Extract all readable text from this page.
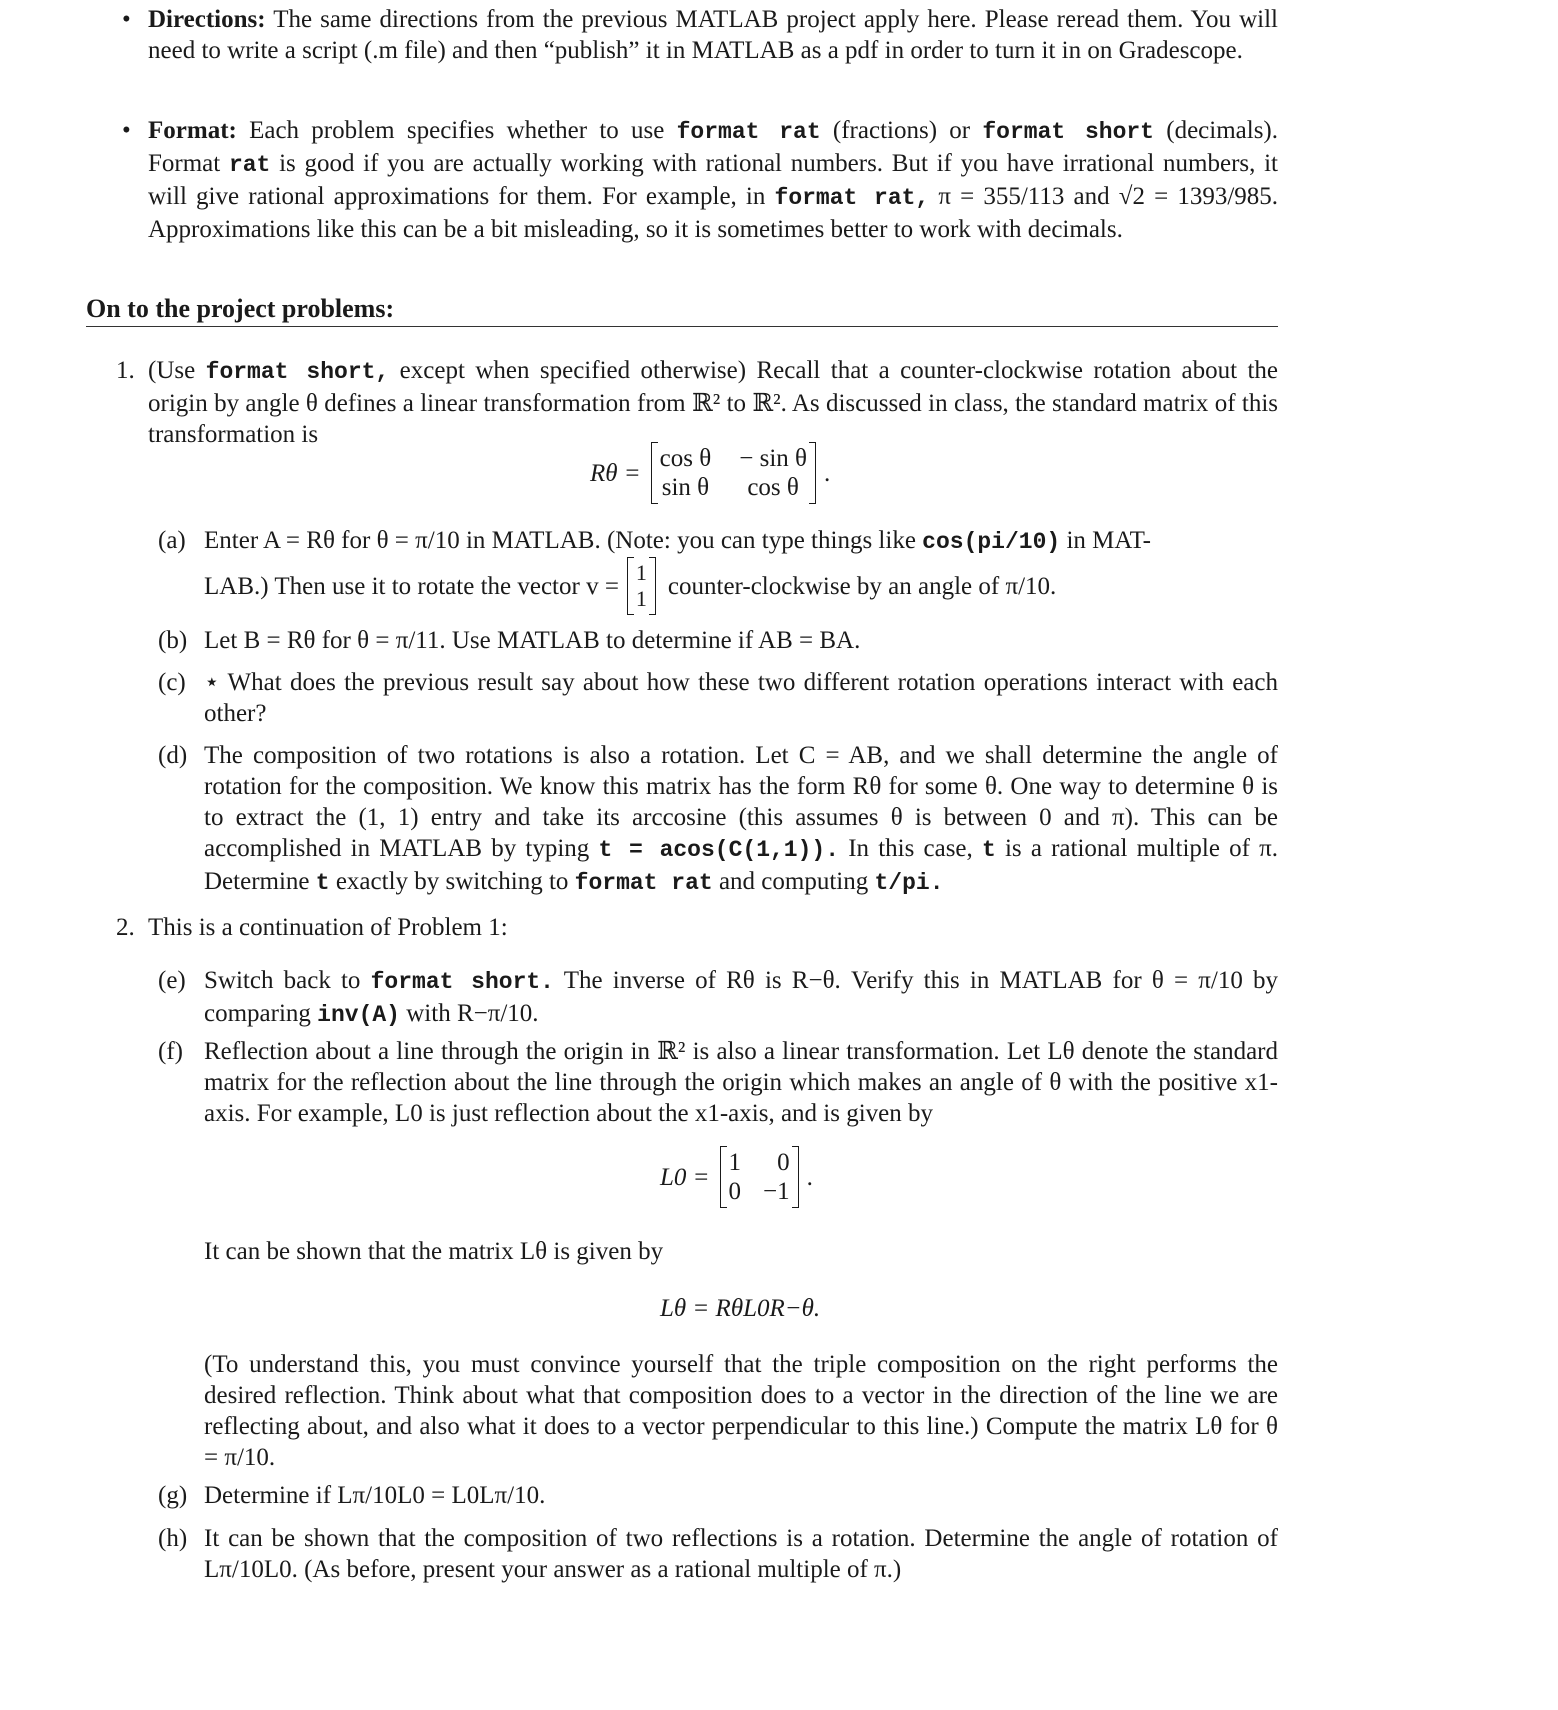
• Directions: The same directions from the previous MATLAB project apply here. Please reread them. You will need to write a script (.m file) and then “publish” it in MATLAB as a pdf in order to turn it in on Gradescope.
• Format: Each problem specifies whether to use format rat (fractions) or format short (decimals). Format rat is good if you are actually working with rational numbers. But if you have irrational numbers, it will give rational approximations for them. For example, in format rat, π = 355/113 and √2 = 1393/985. Approximations like this can be a bit misleading, so it is sometimes better to work with decimals.
On to the project problems:
1. (Use format short, except when specified otherwise) Recall that a counter-clockwise rotation about the origin by angle θ defines a linear transformation from ℝ² to ℝ². As discussed in class, the standard matrix of this transformation is
Rθ =
cos θ − sin θ
sin θ	cos θ
.
(a) Enter A = Rθ for θ = π/10 in MATLAB. (Note: you can type things like cos(pi/10) in MAT-
LAB.) Then use it to rotate the vector v = 1
1 counter-clockwise by an angle of π/10.
(b) Let B = Rθ for θ = π/11. Use MATLAB to determine if AB = BA.
(c) ⋆ What does the previous result say about how these two different rotation operations interact with each other?
(d) The composition of two rotations is also a rotation. Let C = AB, and we shall determine the angle of rotation for the composition. We know this matrix has the form Rθ for some θ. One way to determine θ is to extract the (1, 1) entry and take its arccosine (this assumes θ is between 0 and π). This can be accomplished in MATLAB by typing t = acos(C(1,1)). In this case, t is a rational multiple of π. Determine t exactly by switching to format rat and computing t/pi.
2. This is a continuation of Problem 1:
(e) Switch back to format short. The inverse of Rθ is R−θ. Verify this in MATLAB for θ = π/10 by comparing inv(A) with R−π/10.
(f) Reflection about a line through the origin in ℝ² is also a linear transformation. Let Lθ denote the standard matrix for the reflection about the line through the origin which makes an angle of θ with the positive x1-axis. For example, L0 is just reflection about the x1-axis, and is given by
L0 =
1	0
0 −1
.
It can be shown that the matrix Lθ is given by
Lθ = RθL0R−θ.
(To understand this, you must convince yourself that the triple composition on the right performs the desired reflection. Think about what that composition does to a vector in the direction of the line we are reflecting about, and also what it does to a vector perpendicular to this line.) Compute the matrix Lθ for θ = π/10.
(g) Determine if Lπ/10L0 = L0Lπ/10.
(h) It can be shown that the composition of two reflections is a rotation. Determine the angle of rotation of Lπ/10L0. (As before, present your answer as a rational multiple of π.)
